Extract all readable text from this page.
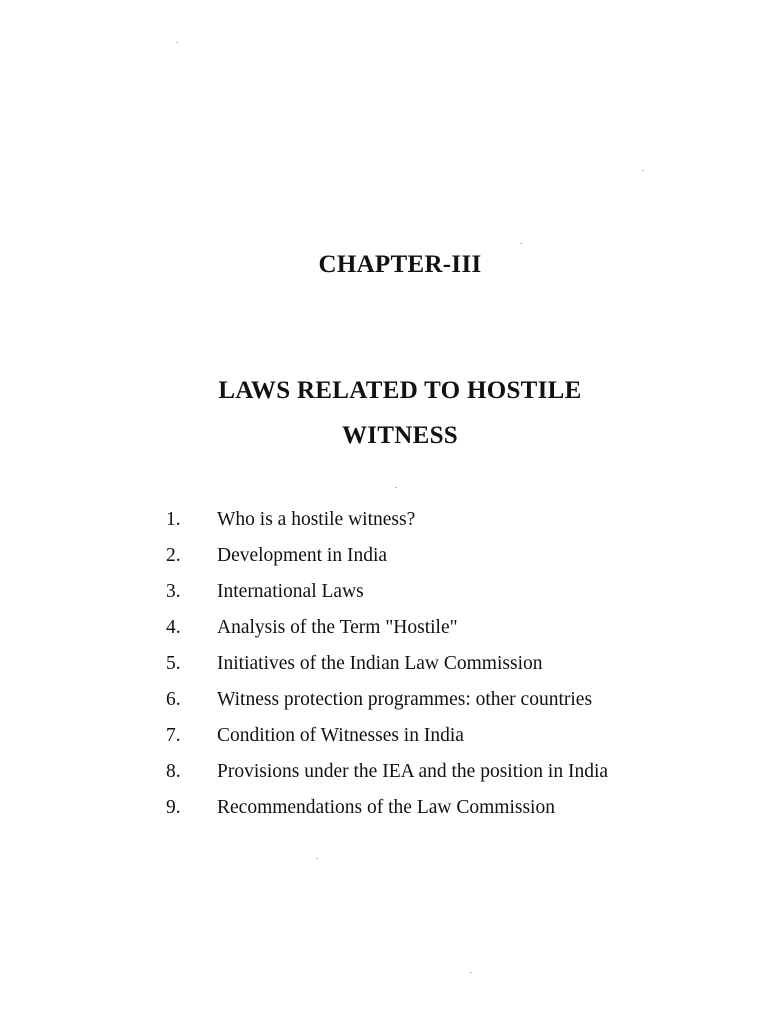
CHAPTER-III
LAWS RELATED TO HOSTILE
WITNESS
1. Who is a hostile witness?
2. Development in India
3. International Laws
4. Analysis of the Term "Hostile"
5. Initiatives of the Indian Law Commission
6. Witness protection programmes: other countries
7. Condition of Witnesses in India
8. Provisions under the IEA and the position in India
9. Recommendations of the Law Commission
